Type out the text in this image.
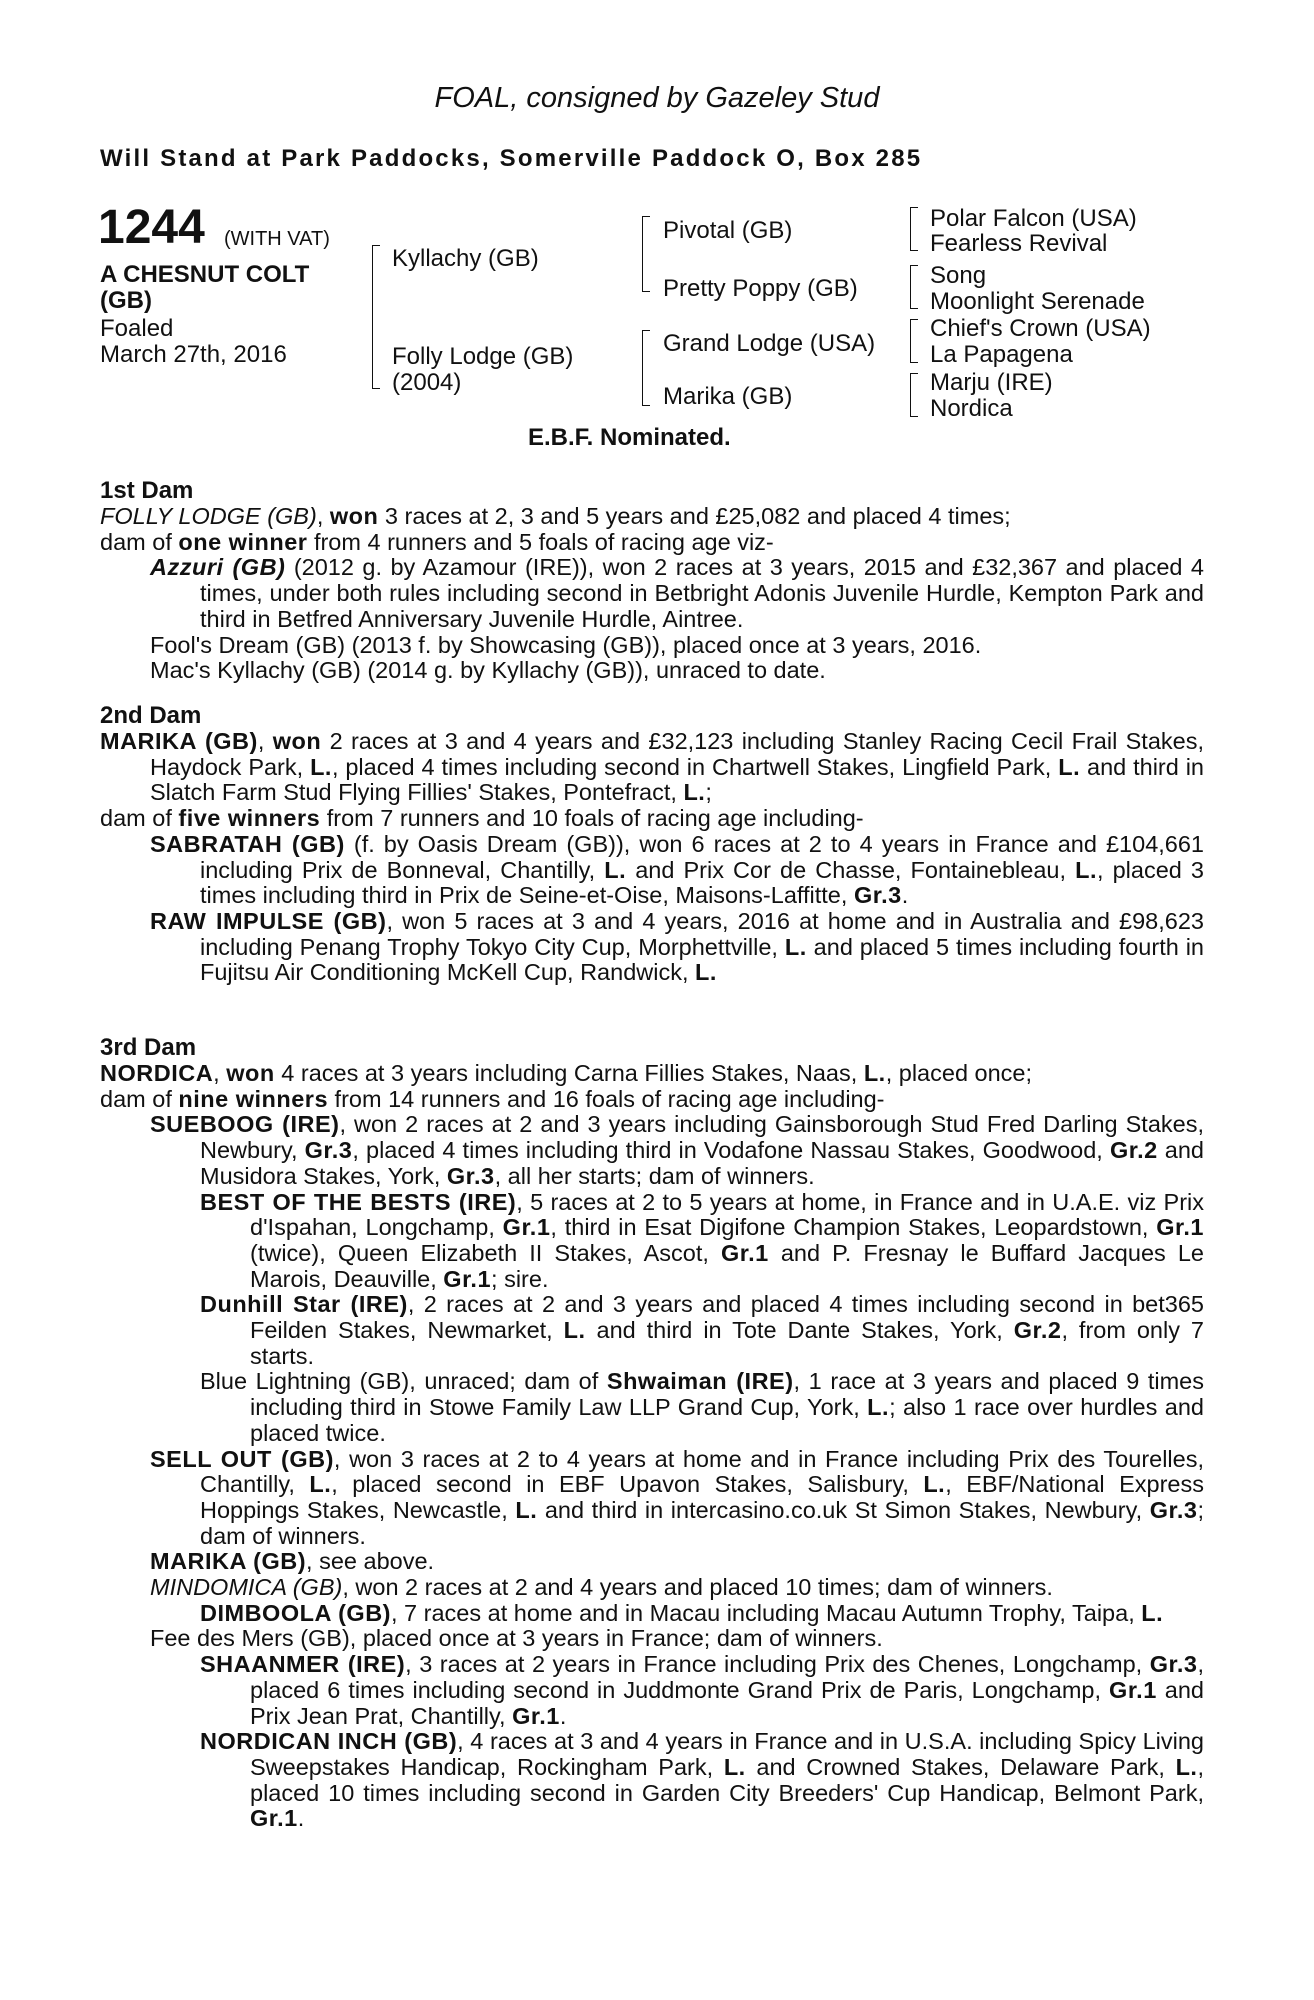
FOAL, consigned by Gazeley Stud
Will Stand at Park Paddocks, Somerville Paddock O, Box 285
1244 (WITH VAT)
A CHESNUT COLT
(GB)
Foaled
March 27th, 2016
Kyllachy (GB)
Folly Lodge (GB)
(2004)
Pivotal (GB)
Pretty Poppy (GB)
Grand Lodge (USA)
Marika (GB)
Polar Falcon (USA)
Fearless Revival
Song
Moonlight Serenade
Chief's Crown (USA)
La Papagena
Marju (IRE)
Nordica
E.B.F. Nominated.
1st Dam

FOLLY LODGE (GB), won 3 races at 2, 3 and 5 years and £25,082 and placed 4 times;

dam of one winner from 4 runners and 5 foals of racing age viz-

Azzuri (GB) (2012 g. by Azamour (IRE)), won 2 races at 3 years, 2015 and £32,367 and placed 4 times, under both rules including second in Betbright Adonis Juvenile Hurdle, Kempton Park and third in Betfred Anniversary Juvenile Hurdle, Aintree.

Fool's Dream (GB) (2013 f. by Showcasing (GB)), placed once at 3 years, 2016.

Mac's Kyllachy (GB) (2014 g. by Kyllachy (GB)), unraced to date.

2nd Dam

MARIKA (GB), won 2 races at 3 and 4 years and £32,123 including Stanley Racing Cecil Frail Stakes, Haydock Park, L., placed 4 times including second in Chartwell Stakes, Lingfield Park, L. and third in Slatch Farm Stud Flying Fillies' Stakes, Pontefract, L.;

dam of five winners from 7 runners and 10 foals of racing age including-

SABRATAH (GB) (f. by Oasis Dream (GB)), won 6 races at 2 to 4 years in France and £104,661 including Prix de Bonneval, Chantilly, L. and Prix Cor de Chasse, Fontainebleau, L., placed 3 times including third in Prix de Seine-et-Oise, Maisons-Laffitte, Gr.3.

RAW IMPULSE (GB), won 5 races at 3 and 4 years, 2016 at home and in Australia and £98,623 including Penang Trophy Tokyo City Cup, Morphettville, L. and placed 5 times including fourth in Fujitsu Air Conditioning McKell Cup, Randwick, L.

3rd Dam

NORDICA, won 4 races at 3 years including Carna Fillies Stakes, Naas, L., placed once;

dam of nine winners from 14 runners and 16 foals of racing age including-

SUEBOOG (IRE), won 2 races at 2 and 3 years including Gainsborough Stud Fred Darling Stakes, Newbury, Gr.3, placed 4 times including third in Vodafone Nassau Stakes, Goodwood, Gr.2 and Musidora Stakes, York, Gr.3, all her starts; dam of winners.

BEST OF THE BESTS (IRE), 5 races at 2 to 5 years at home, in France and in U.A.E. viz Prix d'Ispahan, Longchamp, Gr.1, third in Esat Digifone Champion Stakes, Leopardstown, Gr.1 (twice), Queen Elizabeth II Stakes, Ascot, Gr.1 and P. Fresnay le Buffard Jacques Le Marois, Deauville, Gr.1; sire.

Dunhill Star (IRE), 2 races at 2 and 3 years and placed 4 times including second in bet365 Feilden Stakes, Newmarket, L. and third in Tote Dante Stakes, York, Gr.2, from only 7 starts.

Blue Lightning (GB), unraced; dam of Shwaiman (IRE), 1 race at 3 years and placed 9 times including third in Stowe Family Law LLP Grand Cup, York, L.; also 1 race over hurdles and placed twice.

SELL OUT (GB), won 3 races at 2 to 4 years at home and in France including Prix des Tourelles, Chantilly, L., placed second in EBF Upavon Stakes, Salisbury, L., EBF/National Express Hoppings Stakes, Newcastle, L. and third in intercasino.co.uk St Simon Stakes, Newbury, Gr.3; dam of winners.

MARIKA (GB), see above.

MINDOMICA (GB), won 2 races at 2 and 4 years and placed 10 times; dam of winners.

DIMBOOLA (GB), 7 races at home and in Macau including Macau Autumn Trophy, Taipa, L.

Fee des Mers (GB), placed once at 3 years in France; dam of winners.

SHAANMER (IRE), 3 races at 2 years in France including Prix des Chenes, Longchamp, Gr.3, placed 6 times including second in Juddmonte Grand Prix de Paris, Longchamp, Gr.1 and Prix Jean Prat, Chantilly, Gr.1.

NORDICAN INCH (GB), 4 races at 3 and 4 years in France and in U.S.A. including Spicy Living Sweepstakes Handicap, Rockingham Park, L. and Crowned Stakes, Delaware Park, L., placed 10 times including second in Garden City Breeders' Cup Handicap, Belmont Park, Gr.1.
